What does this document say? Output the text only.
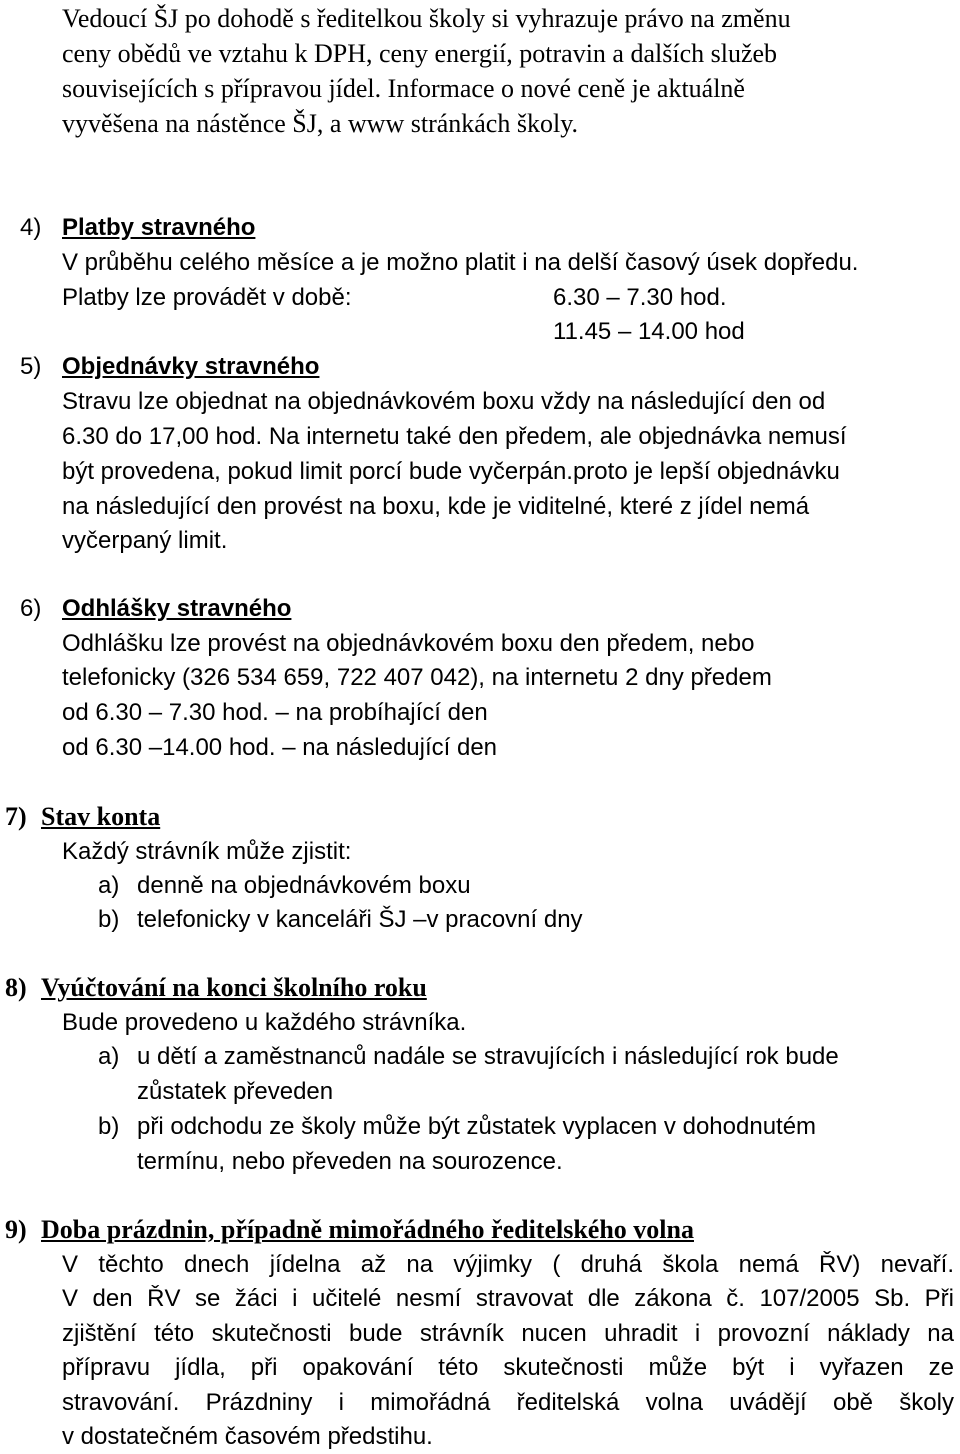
Vedoucí ŠJ po dohodě s ředitelkou školy si vyhrazuje právo na změnu
ceny obědů ve vztahu k DPH, ceny energií, potravin a dalších služeb
souvisejících s přípravou jídel. Informace o nové ceně je aktuálně
vyvěšena na nástěnce ŠJ, a www stránkách školy.
4) Platby stravného
V průběhu celého měsíce a je možno platit i na delší časový úsek dopředu.
Platby lze provádět v době:	6.30 – 7.30 hod.
11.45 – 14.00 hod
5) Objednávky stravného
Stravu lze objednat na objednávkovém boxu vždy na následující den od
6.30 do 17,00 hod. Na internetu také den předem, ale objednávka nemusí
být provedena, pokud limit porcí bude vyčerpán.proto je lepší objednávku
na následující den provést na boxu, kde je viditelné, které z jídel nemá
vyčerpaný limit.
6) Odhlášky stravného
Odhlášku lze provést na objednávkovém boxu den předem, nebo
telefonicky (326 534 659, 722 407 042), na internetu 2 dny předem
od 6.30 – 7.30 hod. – na probíhající den
od 6.30 –14.00 hod. – na následující den
7) Stav konta
Každý strávník může zjistit:
a) denně na objednávkovém boxu
b) telefonicky v kanceláři ŠJ –v pracovní dny
8) Vyúčtování na konci školního roku
Bude provedeno u každého strávníka.
a) u dětí a zaměstnanců nadále se stravujících i následující rok bude
zůstatek převeden
b) při odchodu ze školy může být zůstatek vyplacen v dohodnutém
termínu, nebo převeden na sourozence.
9) Doba prázdnin, případně mimořádného ředitelského volna
V těchto dnech jídelna až na výjimky ( druhá škola nemá ŘV) nevaří.
V den ŘV se žáci i učitelé nesmí stravovat dle zákona č. 107/2005 Sb. Při
zjištění této skutečnosti bude strávník nucen uhradit i provozní náklady na
přípravu jídla, při opakování této skutečnosti může být i vyřazen ze
stravování. Prázdniny i mimořádná ředitelská volna uvádějí obě školy
v dostatečném časovém předstihu.
